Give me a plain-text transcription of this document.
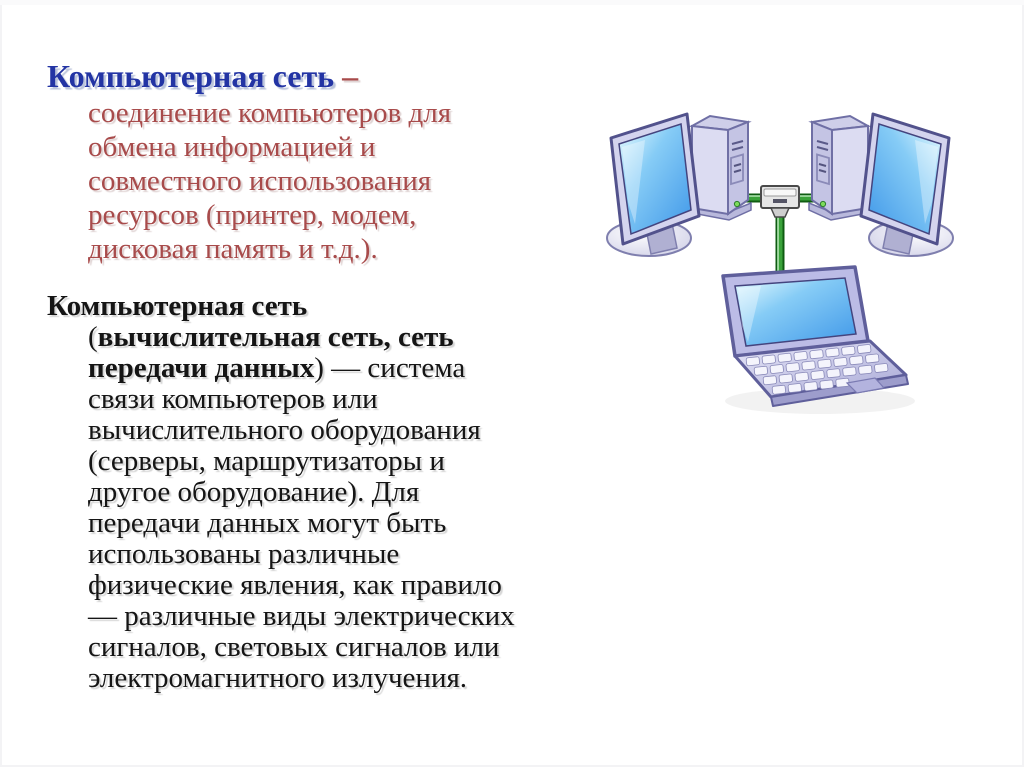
Компьютерная сеть –
соединение компьютеров для
обмена информацией и
совместного использования
ресурсов (принтер, модем,
дисковая память и т.д.).
Компьютерная сеть
(вычислительная сеть, сеть
передачи данных) — система
связи компьютеров или
вычислительного оборудования
(серверы, маршрутизаторы и
другое оборудование). Для
передачи данных могут быть
использованы различные
физические явления, как правило
— различные виды электрических
сигналов, световых сигналов или
электромагнитного излучения.
